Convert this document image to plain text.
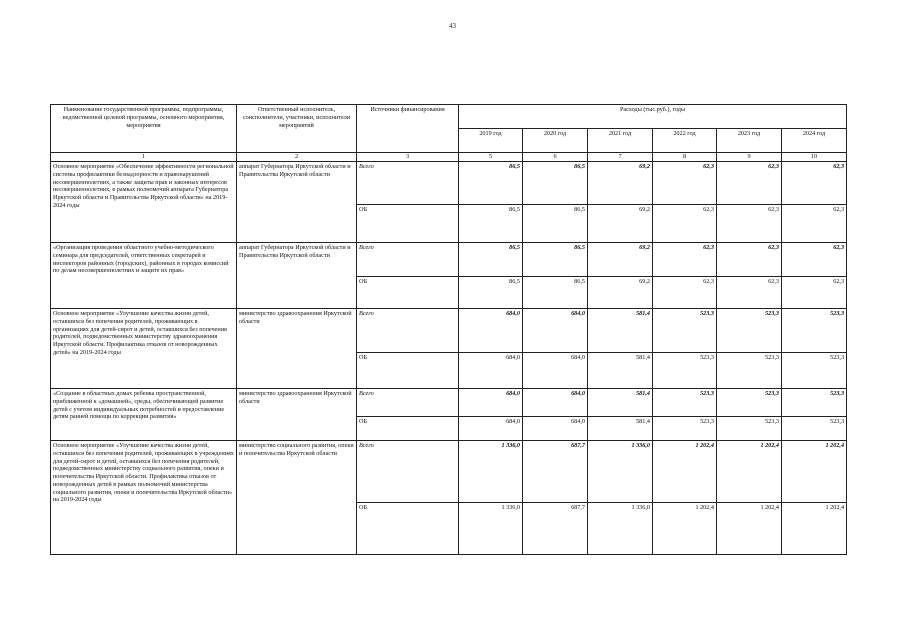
43
Наименование государственной программы, подпрограммы, ведомственной целевой программы, основного мероприятия, мероприятия	Ответственный исполнитель, соисполнители, участники, исполнители мероприятий	Источники финансирования	Расходы (тыс.руб.), годы					
			2019 год	2020 год	2021 год	2022 год	2023 год	2024 год
1	2	3	5	6	7	8	9	10
Основное мероприятие «Обеспечение эффективности региональной системы профилактики безнадзорности и правонарушений несовершеннолетних, а также защиты прав и законных интересов несовершеннолетних, в рамках полномочий аппарата Губернатора Иркутской области и Правительства Иркутской области» на 2019-2024 годы	аппарат Губернатора Иркутской области и Правительства Иркутской области	Всего	86,5	86,5	69,2	62,3	62,3	62,3
		ОБ	86,5	86,5	69,2	62,3	62,3	62,3
«Организация проведения областного учебно-методического семинара для председателей, ответственных секретарей и инспекторов районных (городских), районных в городах комиссий по делам несовершеннолетних и защите их прав»	аппарат Губернатора Иркутской области и Правительства Иркутской области	Всего	86,5	86,5	69,2	62,3	62,3	62,3
		ОБ	86,5	86,5	69,2	62,3	62,3	62,3
Основное мероприятие «Улучшение качества жизни детей, оставшихся без попечения родителей, проживающих в организациях для детей-сирот и детей, оставшихся без попечения родителей, подведомственных министерству здравоохранения Иркутской области. Профилактика отказов от новорожденных детей» на 2019-2024 годы	министерство здравоохранения Иркутской области	Всего	684,0	684,0	581,4	523,3	523,3	523,3
		ОБ	684,0	684,0	581,4	523,3	523,3	523,3
«Создание в областных домах ребенка пространственной, приближенной к «домашней», среды, обеспечивающей развитие детей с учетом индивидуальных потребностей и предоставление детям ранней помощи по коррекции развития»	министерство здравоохранения Иркутской области	Всего	684,0	684,0	581,4	523,3	523,3	523,3
		ОБ	684,0	684,0	581,4	523,3	523,3	523,3
Основное мероприятие «Улучшение качества жизни детей, оставшихся без попечения родителей, проживающих в учреждениях для детей-сирот и детей, оставшихся без попечения родителей, подведомственных министерству социального развития, опеки и попечительства Иркутской области. Профилактика отказов от новорожденных детей в рамках полномочий министерства социального развития, опеки и попечительства Иркутской области» на 2019-2024 годы	министерство социального развития, опеки и попечительства Иркутской области	Всего	1 336,0	687,7	1 336,0	1 202,4	1 202,4	1 202,4
		ОБ	1 336,0	687,7	1 336,0	1 202,4	1 202,4	1 202,4
